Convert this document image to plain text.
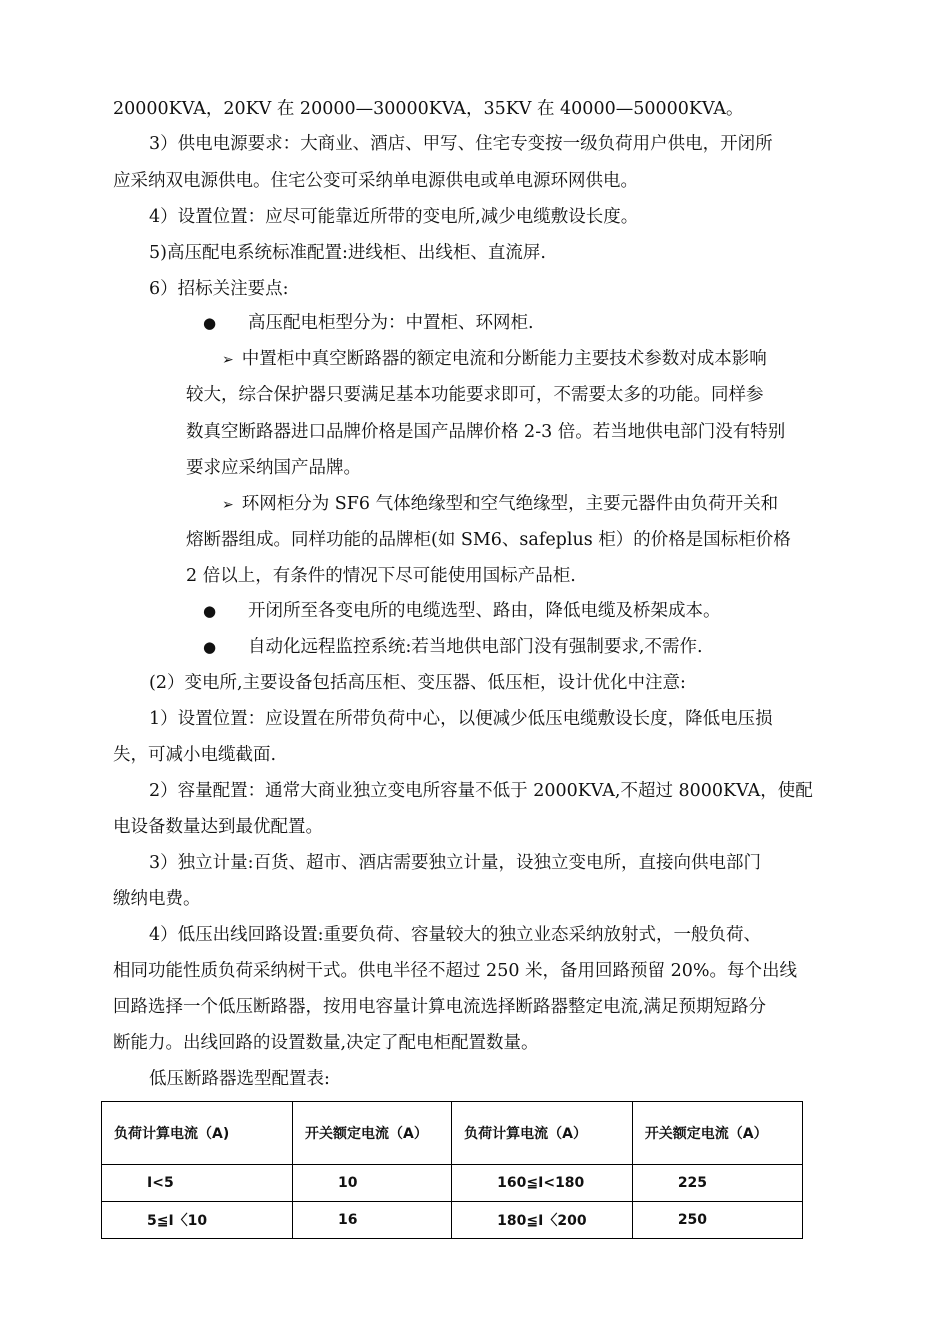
20000KVA，20KV 在 20000—30000KVA，35KV 在 40000—50000KVA。
3）供电电源要求：大商业、酒店、甲写、住宅专变按一级负荷用户供电，开闭所
应采纳双电源供电。住宅公变可采纳单电源供电或单电源环网供电。
4）设置位置：应尽可能靠近所带的变电所,减少电缆敷设长度。
5)高压配电系统标准配置:进线柜、出线柜、直流屏.
6）招标关注要点:
●	高压配电柜型分为：中置柜、环网柜.
➢ 中置柜中真空断路器的额定电流和分断能力主要技术参数对成本影响
较大，综合保护器只要满足基本功能要求即可，不需要太多的功能。同样参
数真空断路器进口品牌价格是国产品牌价格 2-3 倍。若当地供电部门没有特别
要求应采纳国产品牌。
➢ 环网柜分为 SF6 气体绝缘型和空气绝缘型，主要元器件由负荷开关和
熔断器组成。同样功能的品牌柜(如 SM6、safeplus 柜）的价格是国标柜价格
2 倍以上，有条件的情况下尽可能使用国标产品柜.
●	开闭所至各变电所的电缆选型、路由，降低电缆及桥架成本。
●	自动化远程监控系统:若当地供电部门没有强制要求,不需作.
(2）变电所,主要设备包括高压柜、变压器、低压柜，设计优化中注意:
1）设置位置：应设置在所带负荷中心，以便减少低压电缆敷设长度，降低电压损
失，可减小电缆截面.
2）容量配置：通常大商业独立变电所容量不低于 2000KVA,不超过 8000KVA，使配
电设备数量达到最优配置。
3）独立计量:百货、超市、酒店需要独立计量，设独立变电所，直接向供电部门
缴纳电费。
4）低压出线回路设置:重要负荷、容量较大的独立业态采纳放射式，一般负荷、
相同功能性质负荷采纳树干式。供电半径不超过 250 米，备用回路预留 20%。每个出线
回路选择一个低压断路器，按用电容量计算电流选择断路器整定电流,满足预期短路分
断能力。出线回路的设置数量,决定了配电柜配置数量。
低压断路器选型配置表:
负荷计算电流（A)	开关额定电流（A）	负荷计算电流（A）	开关额定电流（A）
I<5	10	160≦I<180	225
5≦I〈10	16	180≦I〈200	250
